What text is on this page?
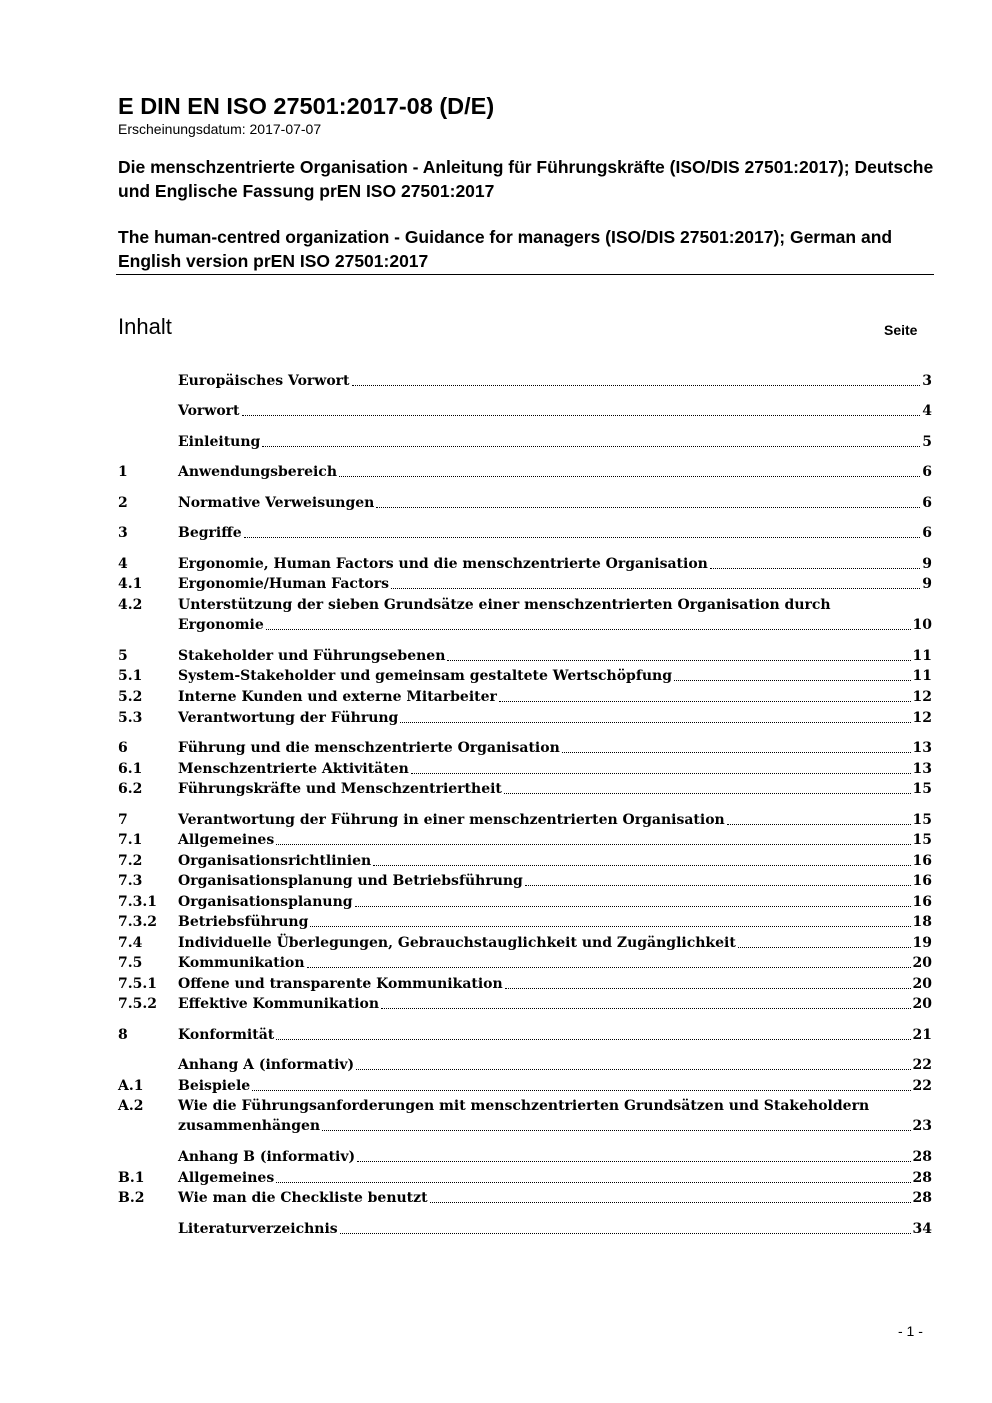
E DIN EN ISO 27501:2017-08 (D/E)
Erscheinungsdatum: 2017-07-07
Die menschzentrierte Organisation - Anleitung für Führungskräfte (ISO/DIS 27501:2017); Deutsche und Englische Fassung prEN ISO 27501:2017
The human-centred organization - Guidance for managers (ISO/DIS 27501:2017); German and English version prEN ISO 27501:2017
Inhalt	Seite
Europäisches Vorwort	3
Vorwort	4
Einleitung	5
1	Anwendungsbereich	6
2	Normative Verweisungen	6
3	Begriffe	6
4	Ergonomie, Human Factors und die menschzentrierte Organisation	9
4.1	Ergonomie/Human Factors	9
4.2	Unterstützung der sieben Grundsätze einer menschzentrierten Organisation durch
Ergonomie	10
5	Stakeholder und Führungsebenen	11
5.1	System-Stakeholder und gemeinsam gestaltete Wertschöpfung	11
5.2	Interne Kunden und externe Mitarbeiter	12
5.3	Verantwortung der Führung	12
6	Führung und die menschzentrierte Organisation	13
6.1	Menschzentrierte Aktivitäten	13
6.2	Führungskräfte und Menschzentriertheit	15
7	Verantwortung der Führung in einer menschzentrierten Organisation	15
7.1	Allgemeines	15
7.2	Organisationsrichtlinien	16
7.3	Organisationsplanung und Betriebsführung	16
7.3.1	Organisationsplanung	16
7.3.2	Betriebsführung	18
7.4	Individuelle Überlegungen, Gebrauchstauglichkeit und Zugänglichkeit	19
7.5	Kommunikation	20
7.5.1	Offene und transparente Kommunikation	20
7.5.2	Effektive Kommunikation	20
8	Konformität	21
Anhang A (informativ)	22
A.1	Beispiele	22
A.2	Wie die Führungsanforderungen mit menschzentrierten Grundsätzen und Stakeholdern
zusammenhängen	23
Anhang B (informativ)	28
B.1	Allgemeines	28
B.2	Wie man die Checkliste benutzt	28
Literaturverzeichnis	34
- 1 -
